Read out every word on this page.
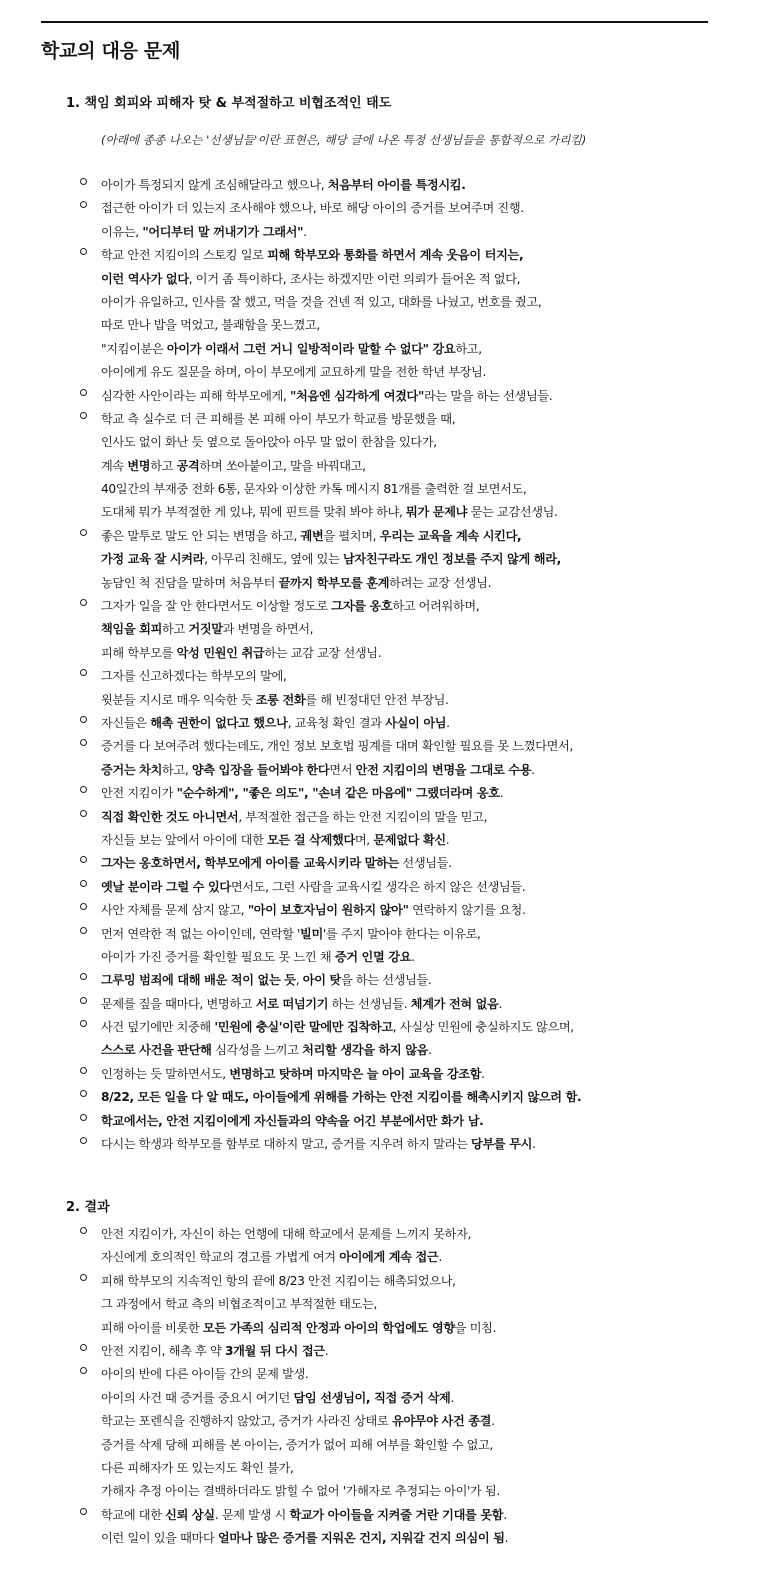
학교의 대응 문제
1. 책임 회피와 피해자 탓 & 부적절하고 비협조적인 태도
(아래에 종종 나오는 '선생님들'이란 표현은, 해당 글에 나온 특정 선생님들을 통합적으로 가리킴)
아이가 특정되지 않게 조심해달라고 했으나, 처음부터 아이를 특정시킴.
접근한 아이가 더 있는지 조사해야 했으나, 바로 해당 아이의 증거를 보여주며 진행.
이유는, "어디부터 말 꺼내기가 그래서".
학교 안전 지킴이의 스토킹 일로 피해 학부모와 통화를 하면서 계속 웃음이 터지는,
이런 역사가 없다, 이거 좀 특이하다, 조사는 하겠지만 이런 의뢰가 들어온 적 없다,
아이가 유일하고, 인사를 잘 했고, 먹을 것을 건넨 적 있고, 대화를 나눴고, 번호를 줬고,
따로 만나 밥을 먹었고, 불쾌함을 못느꼈고,
"지킴이분은 아이가 이래서 그런 거니 일방적이라 말할 수 없다" 강요하고,
아이에게 유도 질문을 하며, 아이 부모에게 교묘하게 말을 전한 학년 부장님.
심각한 사안이라는 피해 학부모에게, "처음엔 심각하게 여겼다"라는 말을 하는 선생님들.
학교 측 실수로 더 큰 피해를 본 피해 아이 부모가 학교를 방문했을 때,
인사도 없이 화난 듯 옆으로 돌아앉아 아무 말 없이 한참을 있다가,
계속 변명하고 공격하며 쏘아붙이고, 말을 바꿔대고,
40일간의 부재중 전화 6통, 문자와 이상한 카톡 메시지 81개를 출력한 걸 보면서도,
도대체 뭐가 부적절한 게 있냐, 뭐에 핀트를 맞춰 봐야 하냐, 뭐가 문제냐 묻는 교감선생님.
좋은 말투로 말도 안 되는 변명을 하고, 궤변을 펼치며, 우리는 교육을 계속 시킨다,
가정 교육 잘 시켜라, 아무리 친해도, 옆에 있는 남자친구라도 개인 정보를 주지 않게 해라,
농담인 척 진담을 말하며 처음부터 끝까지 학부모를 훈계하려는 교장 선생님.
그자가 일을 잘 안 한다면서도 이상할 정도로 그자를 옹호하고 어려워하며,
책임을 회피하고 거짓말과 변명을 하면서,
피해 학부모를 악성 민원인 취급하는 교감 교장 선생님.
그자를 신고하겠다는 학부모의 말에,
윗분들 지시로 매우 익숙한 듯 조롱 전화를 해 빈정대던 안전 부장님.
자신들은 해촉 권한이 없다고 했으나, 교육청 확인 결과 사실이 아님.
증거를 다 보여주려 했다는데도, 개인 정보 보호법 핑계를 대며 확인할 필요를 못 느꼈다면서,
증거는 차치하고, 양측 입장을 들어봐야 한다면서 안전 지킴이의 변명을 그대로 수용.
안전 지킴이가 "순수하게", "좋은 의도", "손녀 같은 마음에" 그랬더라며 옹호.
직접 확인한 것도 아니면서, 부적절한 접근을 하는 안전 지킴이의 말을 믿고,
자신들 보는 앞에서 아이에 대한 모든 걸 삭제했다며, 문제없다 확신.
그자는 옹호하면서, 학부모에게 아이를 교육시키라 말하는 선생님들.
옛날 분이라 그럴 수 있다면서도, 그런 사람을 교육시킬 생각은 하지 않은 선생님들.
사안 자체를 문제 삼지 않고, "아이 보호자님이 원하지 않아" 연락하지 않기를 요청.
먼저 연락한 적 없는 아이인데, 연락할 '빌미'를 주지 말아야 한다는 이유로,
아이가 가진 증거를 확인할 필요도 못 느낀 채 증거 인멸 강요.
그루밍 범죄에 대해 배운 적이 없는 듯, 아이 탓을 하는 선생님들.
문제를 짚을 때마다, 변명하고 서로 떠넘기기 하는 선생님들. 체계가 전혀 없음.
사건 덮기에만 치중해 '민원에 충실'이란 말에만 집착하고, 사실상 민원에 충실하지도 않으며,
스스로 사건을 판단해 심각성을 느끼고 처리할 생각을 하지 않음.
인정하는 듯 말하면서도, 변명하고 탓하며 마지막은 늘 아이 교육을 강조함.
8/22, 모든 일을 다 알 때도, 아이들에게 위해를 가하는 안전 지킴이를 해촉시키지 않으려 함.
학교에서는, 안전 지킴이에게 자신들과의 약속을 어긴 부분에서만 화가 남.
다시는 학생과 학부모를 함부로 대하지 말고, 증거를 지우려 하지 말라는 당부를 무시.
2. 결과
안전 지킴이가, 자신이 하는 언행에 대해 학교에서 문제를 느끼지 못하자,
자신에게 호의적인 학교의 경고를 가볍게 여겨 아이에게 계속 접근.
피해 학부모의 지속적인 항의 끝에 8/23 안전 지킴이는 해촉되었으나,
그 과정에서 학교 측의 비협조적이고 부적절한 태도는,
피해 아이를 비롯한 모든 가족의 심리적 안정과 아이의 학업에도 영향을 미침.
안전 지킴이, 해촉 후 약 3개월 뒤 다시 접근.
아이의 반에 다른 아이들 간의 문제 발생.
아이의 사건 때 증거를 중요시 여기던 담임 선생님이, 직접 증거 삭제.
학교는 포렌식을 진행하지 않았고, 증거가 사라진 상태로 유야무야 사건 종결.
증거를 삭제 당해 피해를 본 아이는, 증거가 없어 피해 여부를 확인할 수 없고,
다른 피해자가 또 있는지도 확인 불가,
가해자 추정 아이는 결백하더라도 밝힐 수 없어 '가해자로 추정되는 아이'가 됨.
학교에 대한 신뢰 상실. 문제 발생 시 학교가 아이들을 지켜줄 거란 기대를 못함.
이런 일이 있을 때마다 얼마나 많은 증거를 지워온 건지, 지워갈 건지 의심이 됨.
